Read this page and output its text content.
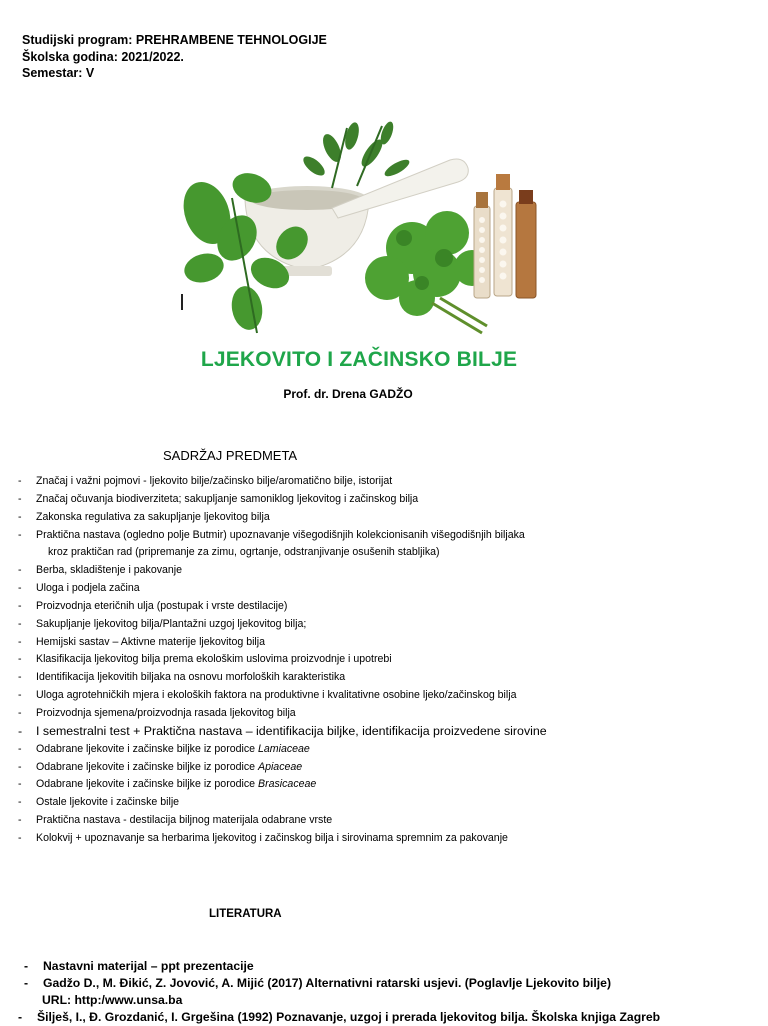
Studijski program: PREHRAMBENE TEHNOLOGIJE
Školska godina: 2021/2022.
Semestar: V
LJEKOVITO I ZAČINSKO BILJE
Prof. dr. Drena GADŽO
SADRŽAJ PREDMETA
- Značaj i važni pojmovi - ljekovito bilje/začinsko bilje/aromatično bilje, istorijat
- Značaj očuvanja biodiverziteta; sakupljanje samoniklog ljekovitog i začinskog bilja
- Zakonska regulativa za sakupljanje ljekovitog bilja
- Praktična nastava (ogledno polje Butmir) upoznavanje višegodišnjih kolekcionisanih višegodišnjih biljaka
kroz praktičan rad (pripremanje za zimu, ogrtanje, odstranjivanje osušenih stabljika)
- Berba, skladištenje i pakovanje
- Uloga i podjela začina
- Proizvodnja eteričnih ulja (postupak i vrste destilacije)
- Sakupljanje ljekovitog bilja/Plantažni uzgoj ljekovitog bilja;
- Hemijski sastav – Aktivne materije ljekovitog bilja
- Klasifikacija ljekovitog bilja prema ekološkim uslovima proizvodnje i upotrebi
- Identifikacija ljekovitih biljaka na osnovu morfoloških karakteristika
- Uloga agrotehničkih mjera i ekoloških faktora na produktivne i kvalitativne osobine ljeko/začinskog bilja
- Proizvodnja sjemena/proizvodnja rasada ljekovitog bilja
- I semestralni test + Praktična nastava – identifikacija biljke, identifikacija proizvedene sirovine
- Odabrane ljekovite i začinske biljke iz porodice Lamiaceae
- Odabrane ljekovite i začinske biljke iz porodice Apiaceae
- Odabrane ljekovite i začinske biljke iz porodice Brasicaceae
- Ostale ljekovite i začinske bilje
- Praktična nastava - destilacija biljnog materijala odabrane vrste
- Kolokvij + upoznavanje sa herbarima ljekovitog i začinskog bilja i sirovinama spremnim za pakovanje
LITERATURA
- Nastavni materijal – ppt prezentacije
- Gadžo D., M. Đikić, Z. Jovović, A. Mijić (2017) Alternativni ratarski usjevi. (Poglavlje Ljekovito bilje)
URL: http:/www.unsa.ba
- Šilješ, I., Đ. Grozdanić, I. Grgešina (1992) Poznavanje, uzgoj i prerada ljekovitog bilja. Školska knjiga Zagreb
